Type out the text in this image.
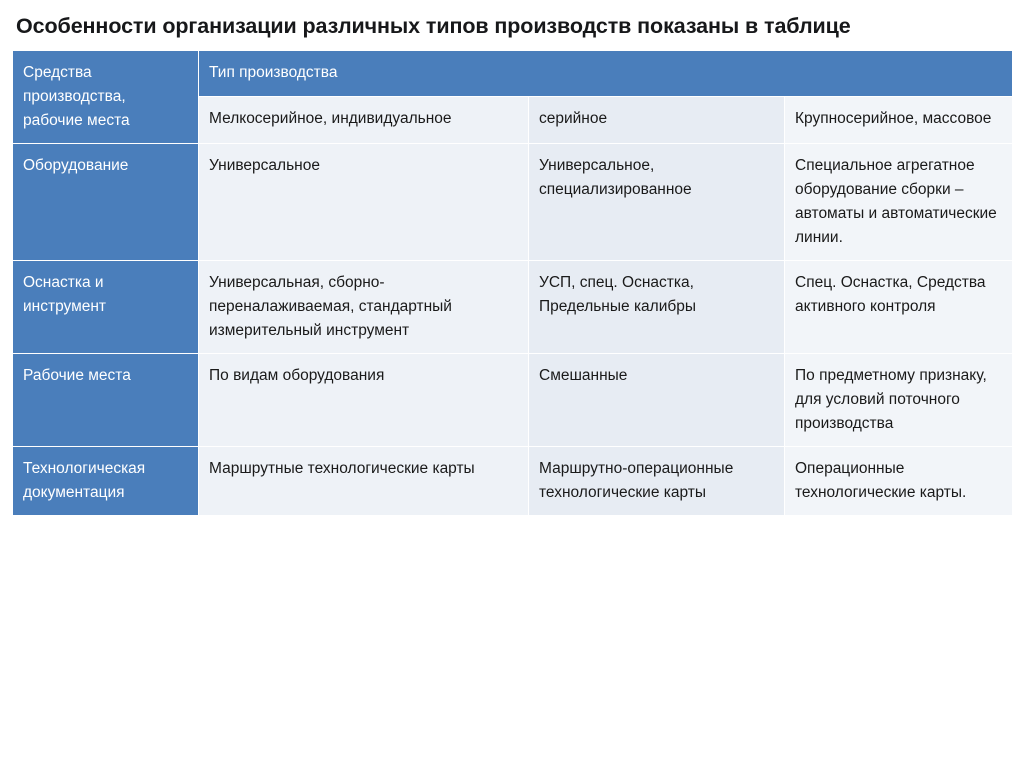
Особенности организации различных типов производств показаны в таблице
Средства производства, рабочие места	Тип производства		
	Мелкосерийное, индивидуальное	серийное	Крупносерийное, массовое
Оборудование	Универсальное	Универсальное, специализированное	Специальное агрегатное оборудование сборки – автоматы и автоматические линии.
Оснастка и инструмент	Универсальная, сборно-переналаживаемая, стандартный измерительный инструмент	УСП, спец. Оснастка, Предельные калибры	Спец. Оснастка, Средства активного контроля
Рабочие места	По видам оборудования	Смешанные	По предметному признаку, для условий поточного производства
Технологическая документация	Маршрутные технологические карты	Маршрутно-операционные технологические карты	Операционные технологические карты.
